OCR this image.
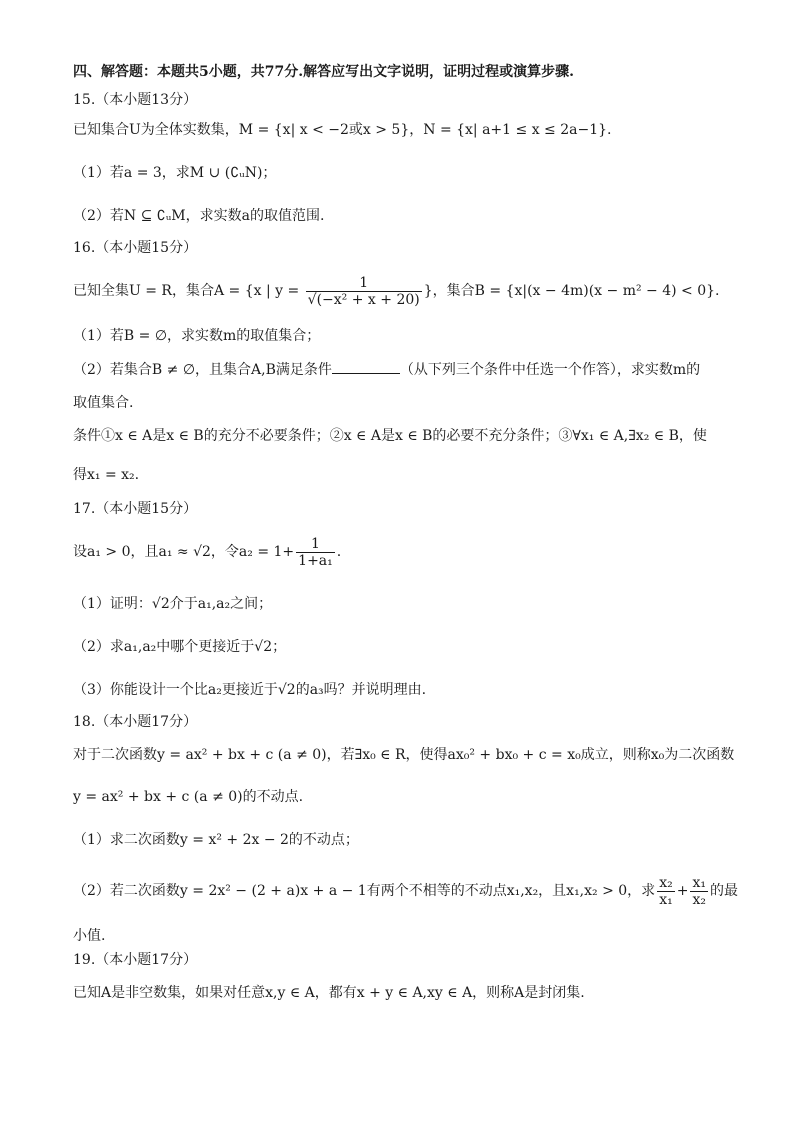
四、解答题：本题共5小题，共77分.解答应写出文字说明，证明过程或演算步骤.
15.（本小题13分）
已知集合U为全体实数集，M = {x| x < −2或x > 5}，N = {x| a+1 ≤ x ≤ 2a−1}.
（1）若a = 3，求M ∪ (∁ᵤN)；
（2）若N ⊆ ∁ᵤM，求实数a的取值范围.
16.（本小题15分）
已知全集U = R，集合A = {x | $y = \frac{1}{\text{√(−x² + x + 20)}}$ }，集合B = {x|(x − 4m)(x − m² − 4) < 0}.
（1）若B = ∅，求实数m的取值集合；
（2）若集合B ≠ ∅，且集合A,B满足条件	（从下列三个条件中任选一个作答），求实数m的
取值集合.
条件①x ∈ A是x ∈ B的充分不必要条件；②x ∈ A是x ∈ B的必要不充分条件；③∀x₁ ∈ A,∃x₂ ∈ B，使
得x₁ = x₂.
17.（本小题15分）
设a₁ > 0，且a₁ ≈ √2，令$a_2 = 1+ \frac{1}{\text{1+a₁}}$ .
（1）证明：√2介于a₁,a₂之间；
（2）求a₁,a₂中哪个更接近于√2；
（3）你能设计一个比a₂更接近于√2的a₃吗？并说明理由.
18.（本小题17分）
对于二次函数y = ax² + bx + c (a ≠ 0)，若∃x₀ ∈ R，使得ax₀² + bx₀ + c = x₀成立，则称x₀为二次函数
y = ax² + bx + c (a ≠ 0)的不动点.
（1）求二次函数y = x² + 2x − 2的不动点；
（2）若二次函数y = 2x² − (2 + a)x + a − 1有两个不相等的不动点x₁,x₂，且x₁,x₂ > 0，求 $\frac{\text{x₂}}{\text{x₁}} + \frac{\text{x₁}}{\text{x₂}}$ 的最
小值.
19.（本小题17分）
已知A是非空数集，如果对任意x,y ∈ A，都有x + y ∈ A,xy ∈ A，则称A是封闭集.
